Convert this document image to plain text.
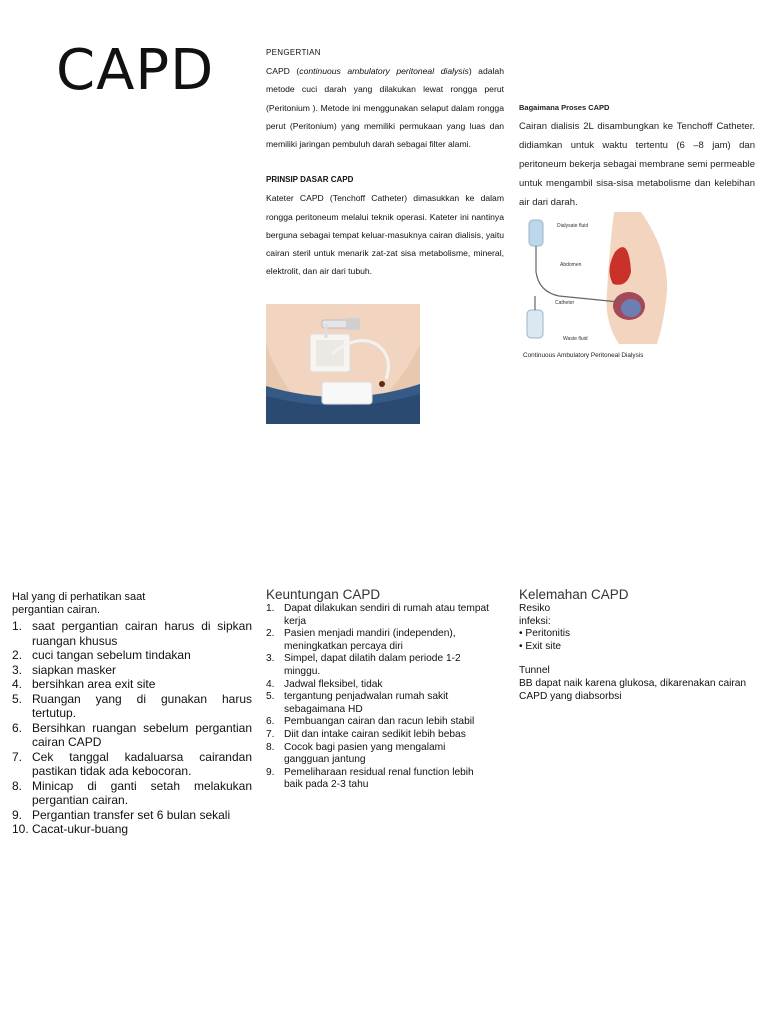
CAPD	PENGERTIAN

CAPD (continuous ambulatory peritoneal dialysis) adalah metode cuci darah yang dilakukan lewat rongga perut (Peritonium ). Metode ini menggunakan selaput dalam rongga perut (Peritonium) yang memiliki permukaan yang luas dan memiliki jaringan pembuluh darah sebagai filter alami.

PRINSIP DASAR CAPD

Kateter CAPD (Tenchoff Catheter) dimasukkan ke dalam rongga peritoneum melalui teknik operasi. Kateter ini nantinya berguna sebagai tempat keluar-masuknya cairan dialisis, yaitu cairan steril untuk menarik zat-zat sisa metabolisme, mineral, elektrolit, dan air dari tubuh.

Bagaimana Proses CAPD

Cairan dialisis 2L disambungkan ke Tenchoff Catheter. didiamkan untuk waktu tertentu (6 –8 jam) dan peritoneum bekerja sebagai membrane semi permeable untuk mengambil sisa-sisa metabolisme dan kelebihan air dari darah.

Dialysate fluid
Abdomen
Catheter
Waste fluid
Continuous Ambulatory Peritoneal Dialysis
Hal yang di perhatikan saat
pergantian cairan.
1. saat pergantian cairan harus di sipkan ruangan khusus
2. cuci tangan sebelum tindakan
3. siapkan masker
4. bersihkan area exit site
5. Ruangan yang di gunakan harus tertutup.
6. Bersihkan ruangan sebelum pergantian cairan CAPD
7. Cek tanggal kadaluarsa cairandan pastikan tidak ada kebocoran.
8. Minicap di ganti setah melakukan pergantian cairan.
9. Pergantian transfer set 6 bulan sekali
10. Cacat-ukur-buang
Keuntungan CAPD
1. Dapat dilakukan sendiri di rumah atau tempat kerja
2. Pasien menjadi mandiri (independen), meningkatkan percaya diri
3. Simpel, dapat dilatih dalam periode 1-2 minggu.
4. Jadwal fleksibel, tidak
5. tergantung penjadwalan rumah sakit sebagaimana HD
6. Pembuangan cairan dan racun lebih stabil
7. Diit dan intake cairan sedikit lebih bebas
8. Cocok bagi pasien yang mengalami gangguan jantung
9. Pemeliharaan residual renal function lebih baik pada 2-3 tahu
Kelemahan CAPD
Resiko
infeksi:
• Peritonitis
• Exit site
Tunnel
BB dapat naik karena glukosa, dikarenakan cairan CAPD yang diabsorbsi
